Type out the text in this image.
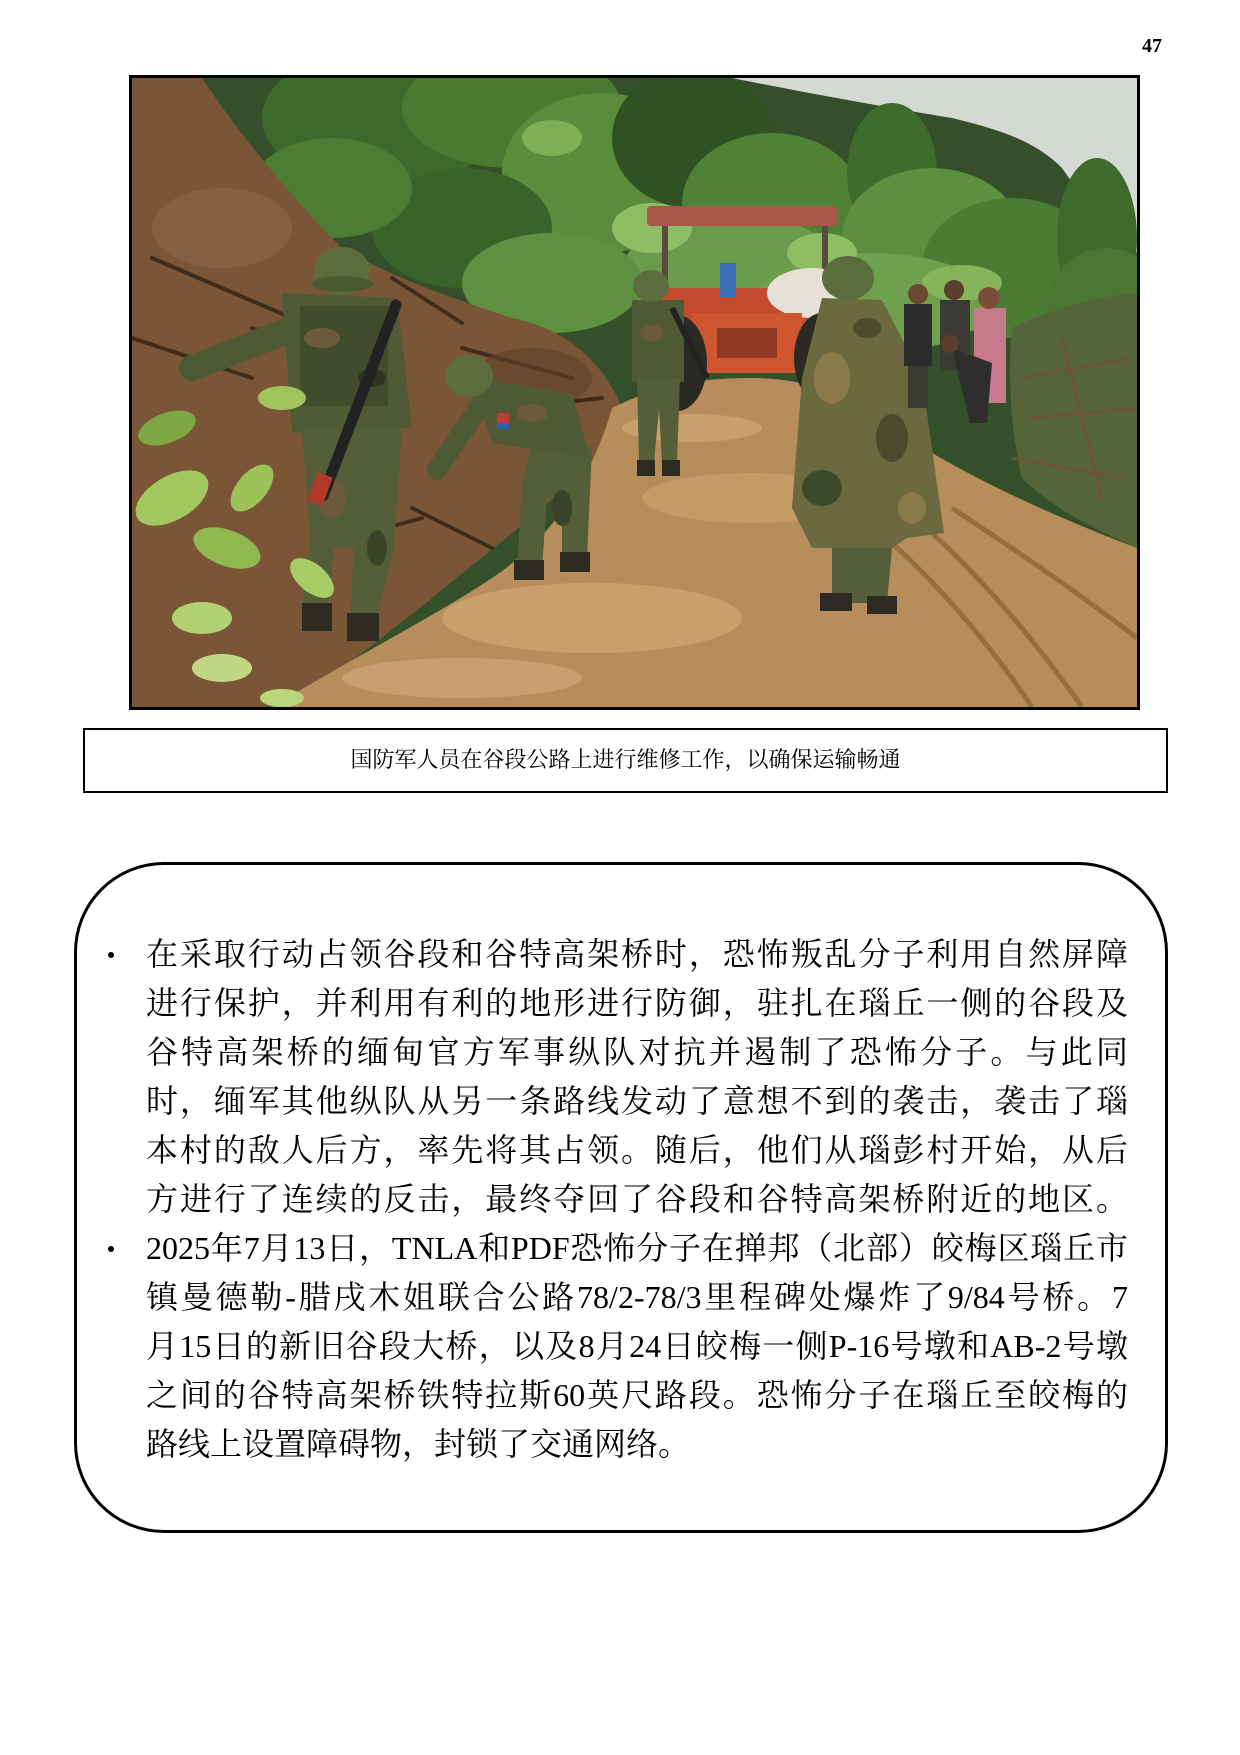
47
国防军人员在谷段公路上进行维修工作，以确保运输畅通
在采取行动占领谷段和谷特高架桥时，恐怖叛乱分子利用自然屏障
进行保护，并利用有利的地形进行防御，驻扎在瑙丘一侧的谷段及
谷特高架桥的缅甸官方军事纵队对抗并遏制了恐怖分子。与此同
时，缅军其他纵队从另一条路线发动了意想不到的袭击，袭击了瑙
本村的敌人后方，率先将其占领。随后，他们从瑙彭村开始，从后
方进行了连续的反击，最终夺回了谷段和谷特高架桥附近的地区。
2025年7月13日，TNLA和PDF恐怖分子在掸邦（北部）皎梅区瑙丘市
镇曼德勒-腊戌木姐联合公路78/2-78/3里程碑处爆炸了9/84号桥。7
月15日的新旧谷段大桥，以及8月24日皎梅一侧P-16号墩和AB-2号墩
之间的谷特高架桥铁特拉斯60英尺路段。恐怖分子在瑙丘至皎梅的
路线上设置障碍物，封锁了交通网络。
